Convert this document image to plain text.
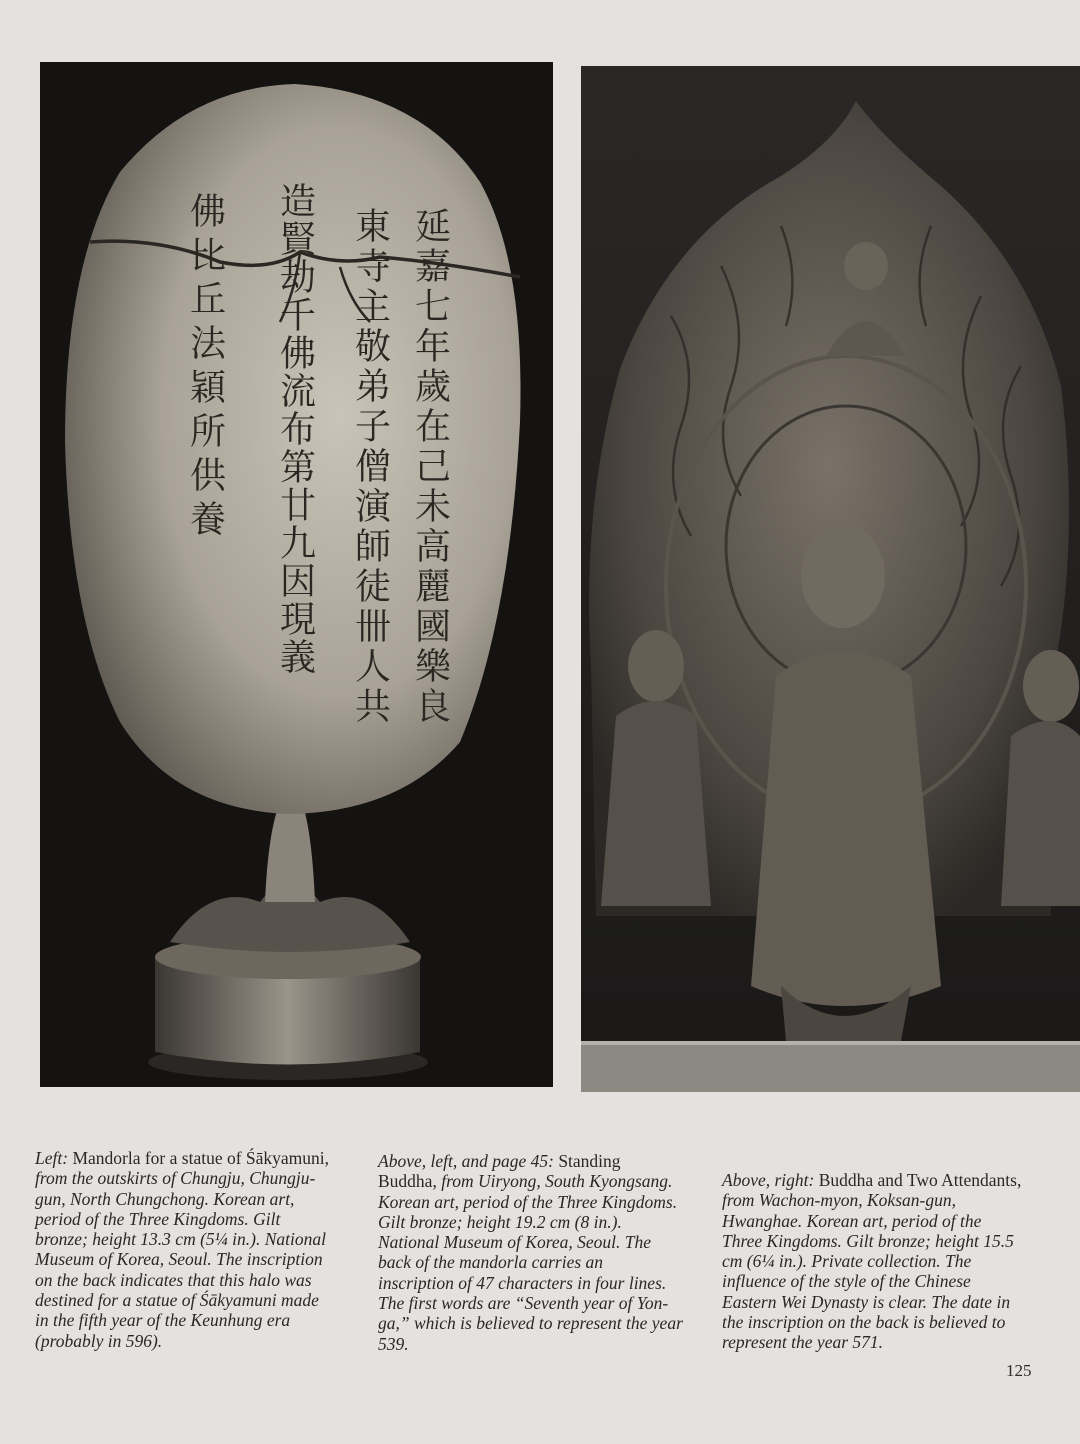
延嘉七年歲在己未高麗國樂良
東寺主敬弟子僧演師徒卌人共
造賢劫千佛流布第廿九因現義
佛比丘法穎所供養
Left: Mandorla for a statue of Śākyamuni, from the outskirts of Chungju, Chungju-gun, North Chungchong. Korean art, period of the Three Kingdoms. Gilt bronze; height 13.3 cm (5¼ in.). National Museum of Korea, Seoul. The inscription on the back indicates that this halo was destined for a statue of Śākyamuni made in the fifth year of the Keunhung era (probably in 596).
Above, left, and page 45: Standing Buddha, from Uiryong, South Kyongsang. Korean art, period of the Three Kingdoms. Gilt bronze; height 19.2 cm (8 in.). National Museum of Korea, Seoul. The back of the mandorla carries an inscription of 47 characters in four lines. The first words are “Seventh year of Yon-ga,” which is believed to represent the year 539.
Above, right: Buddha and Two Attendants, from Wachon-myon, Koksan-gun, Hwanghae. Korean art, period of the Three Kingdoms. Gilt bronze; height 15.5 cm (6¼ in.). Private collection. The influence of the style of the Chinese Eastern Wei Dynasty is clear. The date in the inscription on the back is believed to represent the year 571.
125
